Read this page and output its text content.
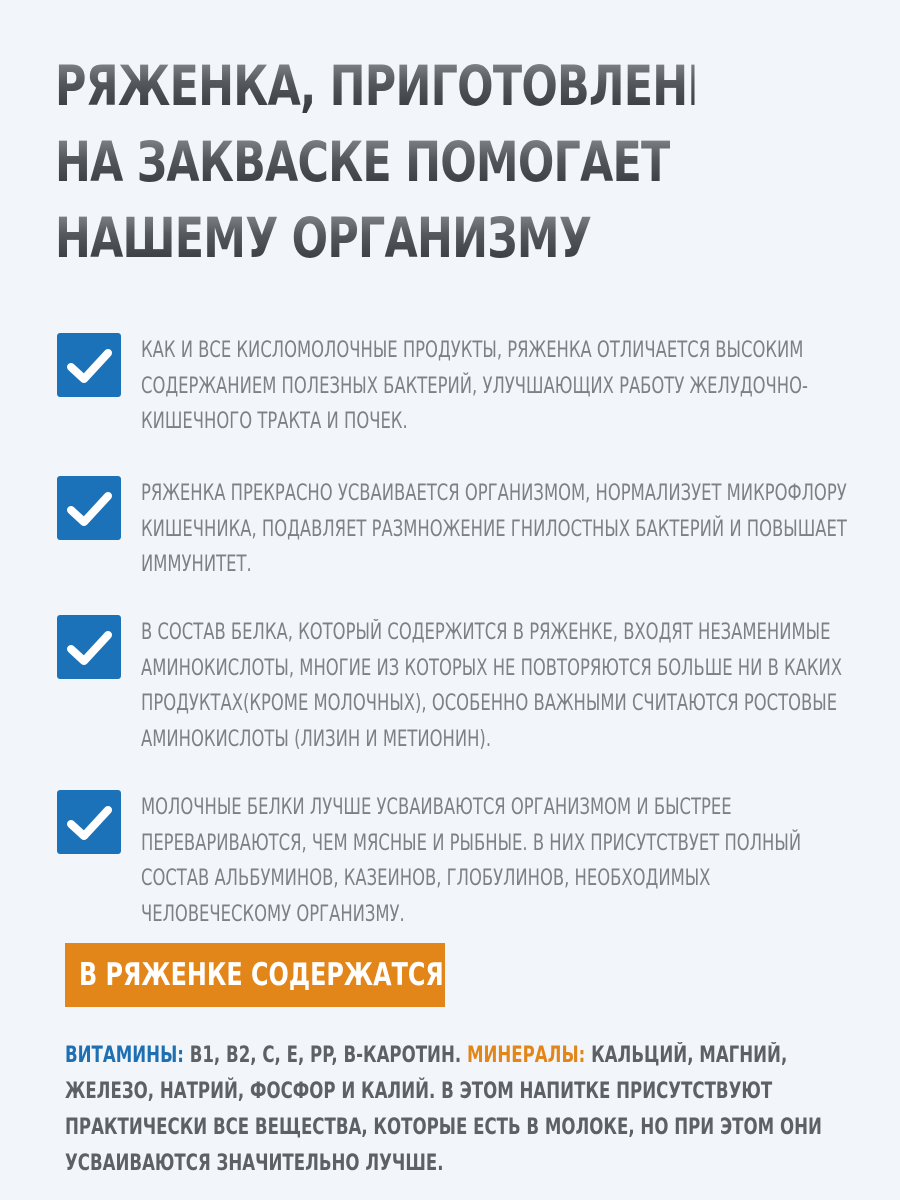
РЯЖЕНКА, ПРИГОТОВЛЕННАЯ
НА ЗАКВАСКЕ ПОМОГАЕТ
НАШЕМУ ОРГАНИЗМУ
КАК И ВСЕ КИСЛОМОЛОЧНЫЕ ПРОДУКТЫ, РЯЖЕНКА ОТЛИЧАЕТСЯ ВЫСОКИМ СОДЕРЖАНИЕМ ПОЛЕЗНЫХ БАКТЕРИЙ, УЛУЧШАЮЩИХ РАБОТУ ЖЕЛУДОЧНО-КИШЕЧНОГО ТРАКТА И ПОЧЕК.
РЯЖЕНКА ПРЕКРАСНО УСВАИВАЕТСЯ ОРГАНИЗМОМ, НОРМАЛИЗУЕТ МИКРОФЛОРУ КИШЕЧНИКА, ПОДАВЛЯЕТ РАЗМНОЖЕНИЕ ГНИЛОСТНЫХ БАКТЕРИЙ И ПОВЫШАЕТ ИММУНИТЕТ.
В СОСТАВ БЕЛКА, КОТОРЫЙ СОДЕРЖИТСЯ В РЯЖЕНКЕ, ВХОДЯТ НЕЗАМЕНИМЫЕ АМИНОКИСЛОТЫ, МНОГИЕ ИЗ КОТОРЫХ НЕ ПОВТОРЯЮТСЯ БОЛЬШЕ НИ В КАКИХ ПРОДУКТАХ(КРОМЕ МОЛОЧНЫХ), ОСОБЕННО ВАЖНЫМИ СЧИТАЮТСЯ РОСТОВЫЕ АМИНОКИСЛОТЫ (ЛИЗИН И МЕТИОНИН).
МОЛОЧНЫЕ БЕЛКИ ЛУЧШЕ УСВАИВАЮТСЯ ОРГАНИЗМОМ И БЫСТРЕЕ ПЕРЕВАРИВАЮТСЯ, ЧЕМ МЯСНЫЕ И РЫБНЫЕ. В НИХ ПРИСУТСТВУЕТ ПОЛНЫЙ СОСТАВ АЛЬБУМИНОВ, КАЗЕИНОВ, ГЛОБУЛИНОВ, НЕОБХОДИМЫХ ЧЕЛОВЕЧЕСКОМУ ОРГАНИЗМУ.
В РЯЖЕНКЕ СОДЕРЖАТСЯ
ВИТАМИНЫ: B1, B2, C, E, PP, B-КАРОТИН. МИНЕРАЛЫ: КАЛЬЦИЙ, МАГНИЙ, ЖЕЛЕЗО, НАТРИЙ, ФОСФОР И КАЛИЙ. В ЭТОМ НАПИТКЕ ПРИСУТСТВУЮТ ПРАКТИЧЕСКИ ВСЕ ВЕЩЕСТВА, КОТОРЫЕ ЕСТЬ В МОЛОКЕ, НО ПРИ ЭТОМ ОНИ УСВАИВАЮТСЯ ЗНАЧИТЕЛЬНО ЛУЧШЕ.
